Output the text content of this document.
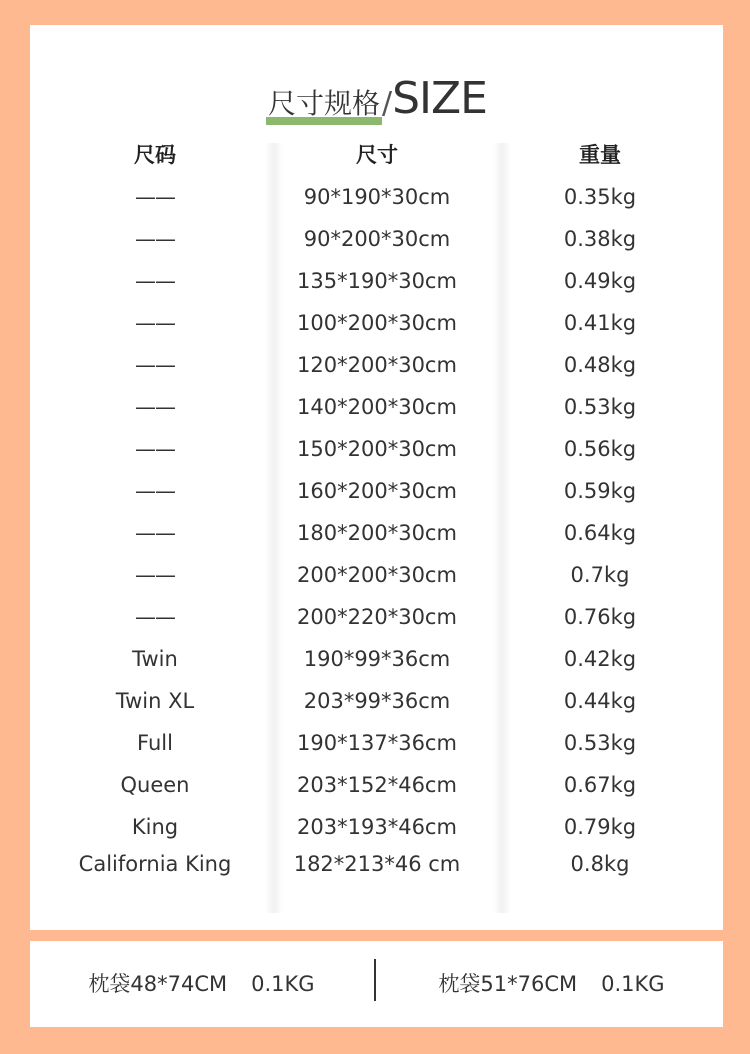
尺寸规格/SIZE
尺码	尺寸	重量
——	90*190*30cm	0.35kg
——	90*200*30cm	0.38kg
——	135*190*30cm	0.49kg
——	100*200*30cm	0.41kg
——	120*200*30cm	0.48kg
——	140*200*30cm	0.53kg
——	150*200*30cm	0.56kg
——	160*200*30cm	0.59kg
——	180*200*30cm	0.64kg
——	200*200*30cm	0.7kg
——	200*220*30cm	0.76kg
Twin	190*99*36cm	0.42kg
Twin XL	203*99*36cm	0.44kg
Full	190*137*36cm	0.53kg
Queen	203*152*46cm	0.67kg
King	203*193*46cm	0.79kg
California King	182*213*46 cm	0.8kg
枕袋48*74CM 0.1KG	枕袋51*76CM 0.1KG
